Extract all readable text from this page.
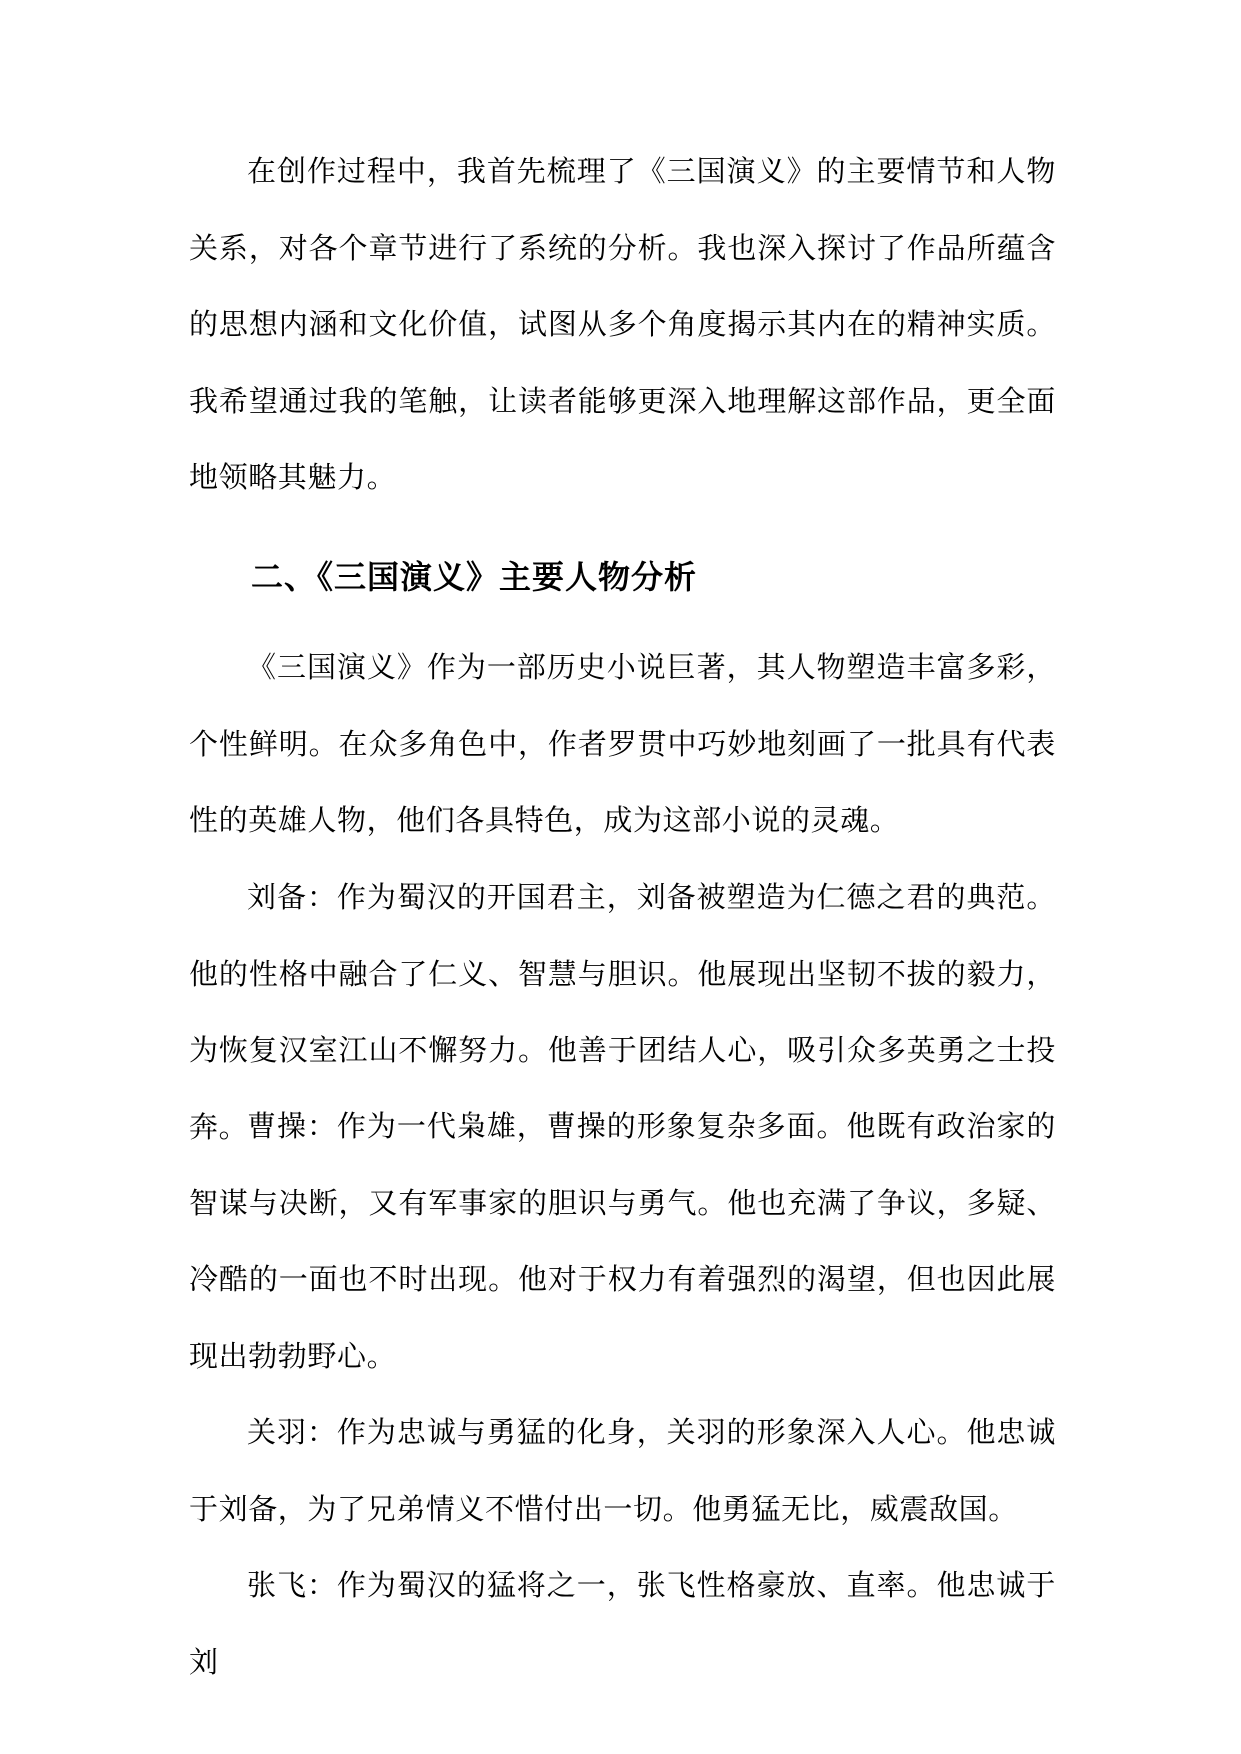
在创作过程中，我首先梳理了《三国演义》的主要情节和人物关系，对各个章节进行了系统的分析。我也深入探讨了作品所蕴含的思想内涵和文化价值，试图从多个角度揭示其内在的精神实质。我希望通过我的笔触，让读者能够更深入地理解这部作品，更全面地领略其魅力。

二、《三国演义》主要人物分析

《三国演义》作为一部历史小说巨著，其人物塑造丰富多彩，个性鲜明。在众多角色中，作者罗贯中巧妙地刻画了一批具有代表性的英雄人物，他们各具特色，成为这部小说的灵魂。

刘备：作为蜀汉的开国君主，刘备被塑造为仁德之君的典范。他的性格中融合了仁义、智慧与胆识。他展现出坚韧不拔的毅力，为恢复汉室江山不懈努力。他善于团结人心，吸引众多英勇之士投奔。

曹操：作为一代枭雄，曹操的形象复杂多面。他既有政治家的智谋与决断，又有军事家的胆识与勇气。他也充满了争议，多疑、冷酷的一面也不时出现。他对于权力有着强烈的渴望，但也因此展现出勃勃野心。

关羽：作为忠诚与勇猛的化身，关羽的形象深入人心。他忠诚于刘备，为了兄弟情义不惜付出一切。他勇猛无比，威震敌国。

张飞：作为蜀汉的猛将之一，张飞性格豪放、直率。他忠诚于刘
